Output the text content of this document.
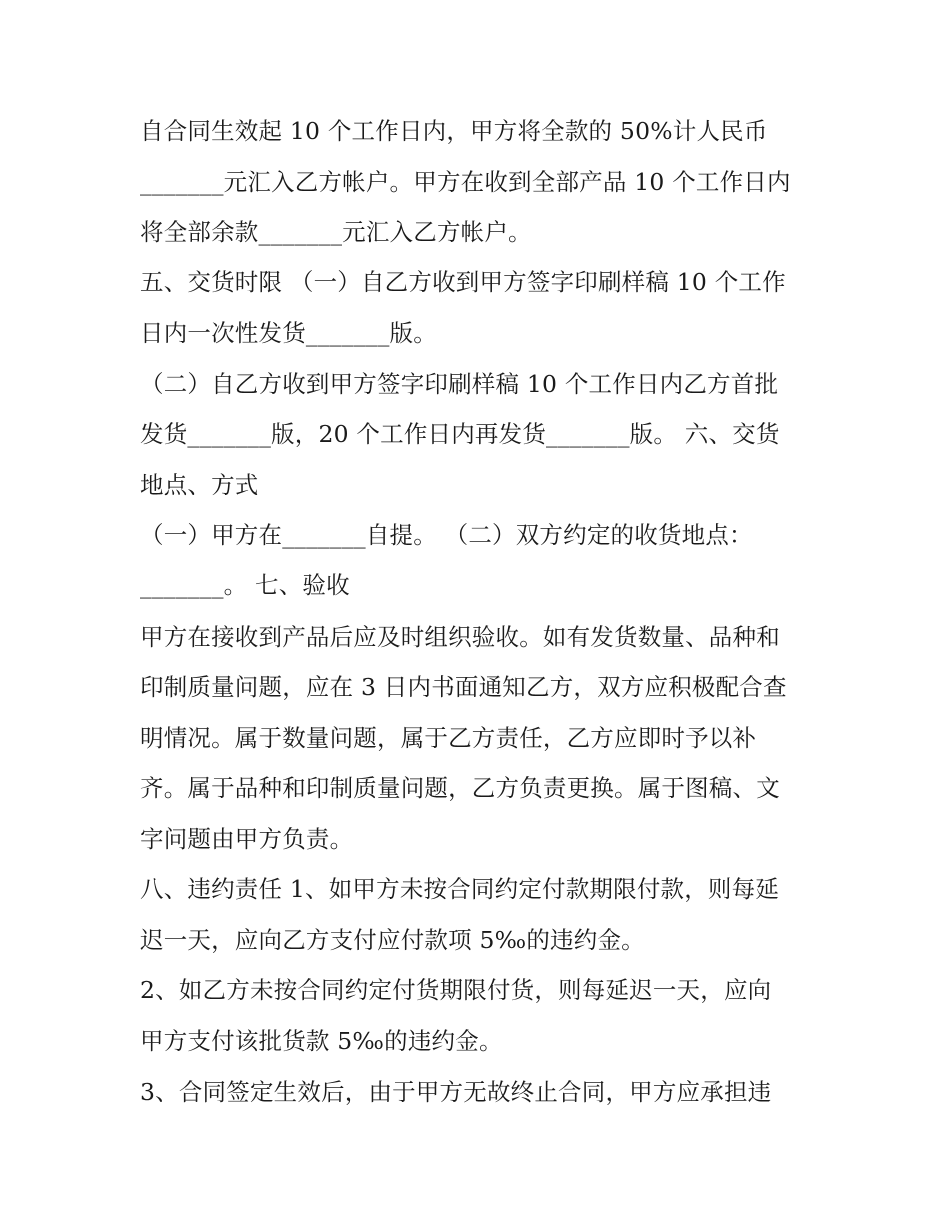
自合同生效起 10 个工作日内，甲方将全款的 50%计人民币
_______元汇入乙方帐户。甲方在收到全部产品 10 个工作日内
将全部余款_______元汇入乙方帐户。
五、交货时限 （一）自乙方收到甲方签字印刷样稿 10 个工作
日内一次性发货_______版。
（二）自乙方收到甲方签字印刷样稿 10 个工作日内乙方首批
发货_______版，20 个工作日内再发货_______版。 六、交货
地点、方式
（一）甲方在_______自提。 （二）双方约定的收货地点：
_______。 七、验收
甲方在接收到产品后应及时组织验收。如有发货数量、品种和
印制质量问题，应在 3 日内书面通知乙方，双方应积极配合查
明情况。属于数量问题，属于乙方责任，乙方应即时予以补
齐。属于品种和印制质量问题，乙方负责更换。属于图稿、文
字问题由甲方负责。
八、违约责任 1、如甲方未按合同约定付款期限付款，则每延
迟一天，应向乙方支付应付款项 5‰的违约金。
2、如乙方未按合同约定付货期限付货，则每延迟一天，应向
甲方支付该批货款 5‰的违约金。
3、合同签定生效后，由于甲方无故终止合同，甲方应承担违
